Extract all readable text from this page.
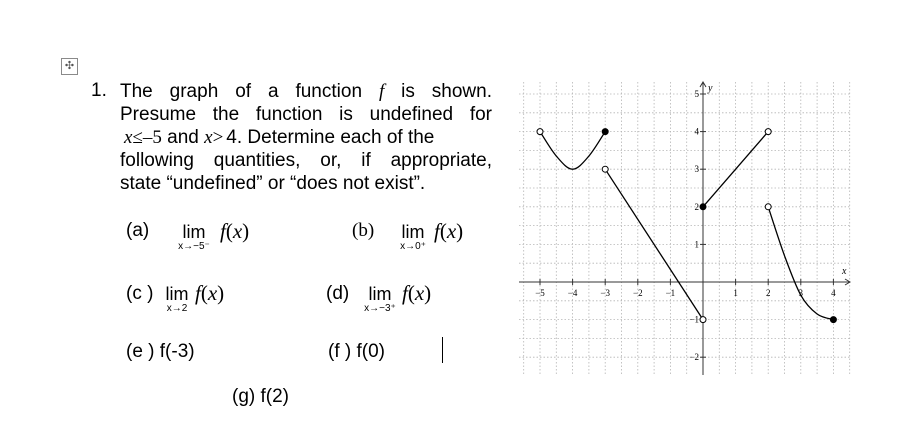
✣
1. The graph of a function f is shown.
Presume the function is undefined for
x≤–5 and x> 4. Determine each of the
following quantities, or, if appropriate,
state “undefined” or “does not exist”.
(a)	lim
x→−5⁻
f(x)	(b)	lim
x→0⁺
f(x)
(c ) lim
x→2
f(x)	(d)	lim
x→−3⁺
f(x)
(e ) f(-3)	(f ) f(0)
(g) f(2)
x
y
−5	−4	−3	−2	−1	1	2	3	4
−2
−1
1
2
3
4
5
